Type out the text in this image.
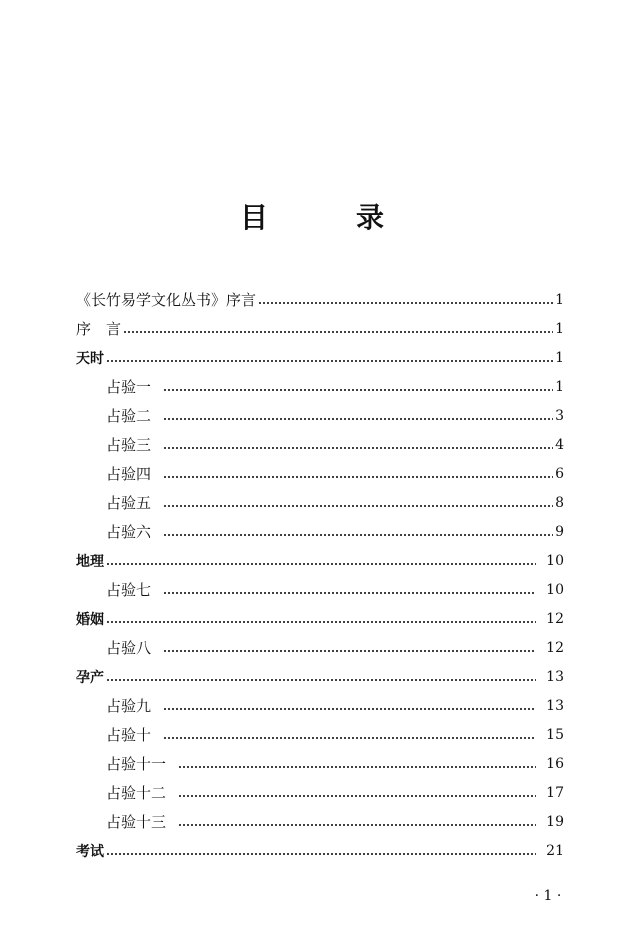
目　录
《长竹易学文化丛书》序言	1
序　言	1
天时	1
占验一	1
占验二	3
占验三	4
占验四	6
占验五	8
占验六	9
地理	10
占验七	10
婚姻	12
占验八	12
孕产	13
占验九	13
占验十	15
占验十一	16
占验十二	17
占验十三	19
考试	21
· 1 ·
